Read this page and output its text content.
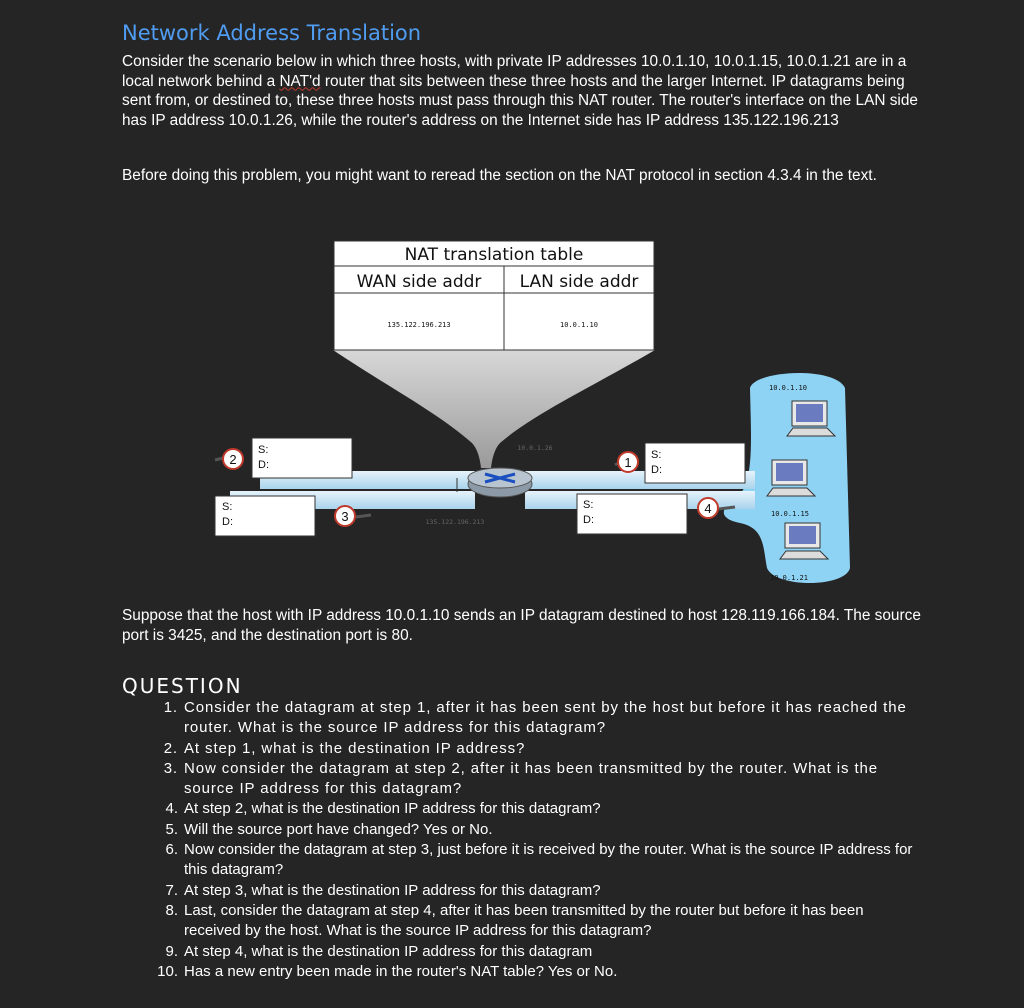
Network Address Translation
Consider the scenario below in which three hosts, with private IP addresses 10.0.1.10, 10.0.1.15, 10.0.1.21 are in a local network behind a NAT'd router that sits between these three hosts and the larger Internet. IP datagrams being sent from, or destined to, these three hosts must pass through this NAT router. The router's interface on the LAN side has IP address 10.0.1.26, while the router's address on the Internet side has IP address 135.122.196.213
Before doing this problem, you might want to reread the section on the NAT protocol in section 4.3.4 in the text.
NAT translation table
WAN side addr LAN side addr
135.122.196.213	10.0.1.10
10.0.1.26
135.122.196.213
S:
D:
S:
D:
S:
D:
S:
D:
2
3
1
4
10.0.1.10
10.0.1.15
10.0.1.21
Suppose that the host with IP address 10.0.1.10 sends an IP datagram destined to host 128.119.166.184. The source port is 3425, and the destination port is 80.
QUESTION
1. Consider the datagram at step 1, after it has been sent by the host but before it has reached the router. What is the source IP address for this datagram?
2. At step 1, what is the destination IP address?
3. Now consider the datagram at step 2, after it has been transmitted by the router. What is the source IP address for this datagram?
4. At step 2, what is the destination IP address for this datagram?
5. Will the source port have changed? Yes or No.
6. Now consider the datagram at step 3, just before it is received by the router. What is the source IP address for this datagram?
7. At step 3, what is the destination IP address for this datagram?
8. Last, consider the datagram at step 4, after it has been transmitted by the router but before it has been received by the host. What is the source IP address for this datagram?
9. At step 4, what is the destination IP address for this datagram
10. Has a new entry been made in the router's NAT table? Yes or No.
